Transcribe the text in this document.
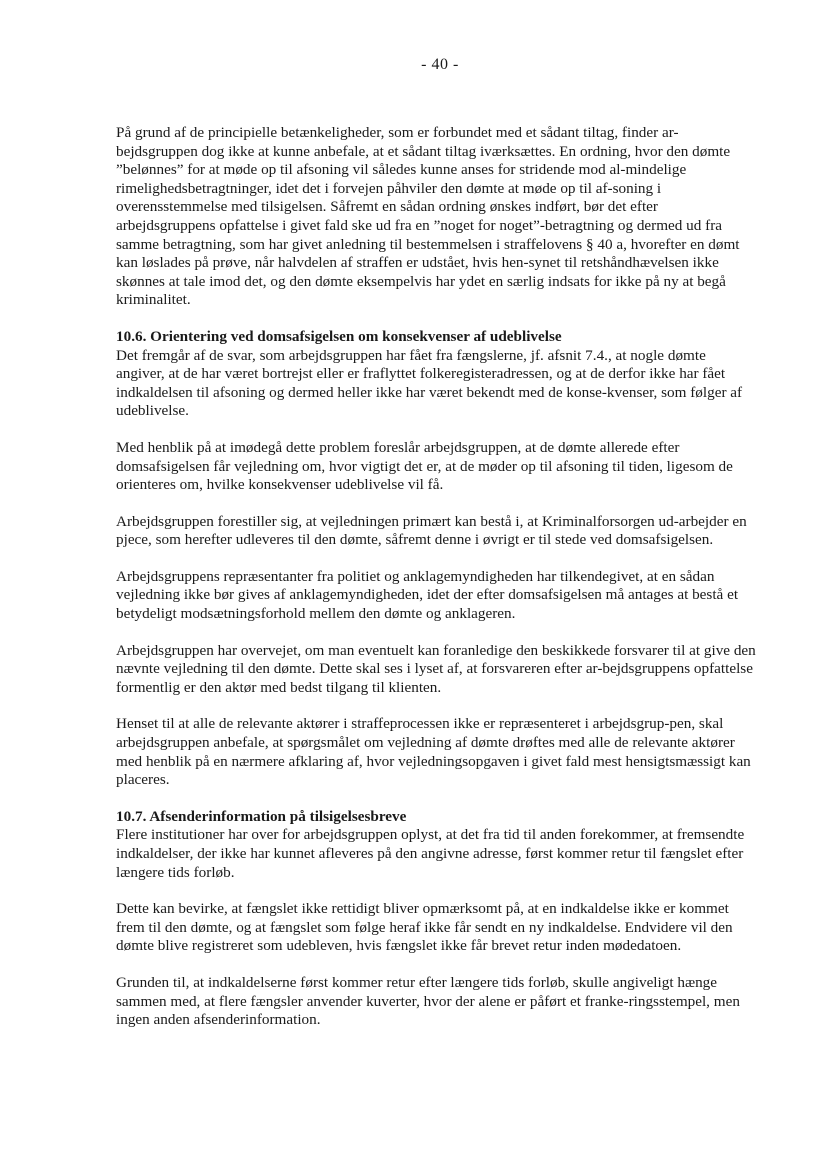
- 40 -

På grund af de principielle betænkeligheder, som er forbundet med et sådant tiltag, finder ar-bejdsgruppen dog ikke at kunne anbefale, at et sådant tiltag iværksættes. En ordning, hvor den dømte ”belønnes” for at møde op til afsoning vil således kunne anses for stridende mod al-mindelige rimelighedsbetragtninger, idet det i forvejen påhviler den dømte at møde op til af-soning i overensstemmelse med tilsigelsen. Såfremt en sådan ordning ønskes indført, bør det efter arbejdsgruppens opfattelse i givet fald ske ud fra en ”noget for noget”-betragtning og dermed ud fra samme betragtning, som har givet anledning til bestemmelsen i straffelovens § 40 a, hvorefter en dømt kan løslades på prøve, når halvdelen af straffen er udstået, hvis hen-synet til retshåndhævelsen ikke skønnes at tale imod det, og den dømte eksempelvis har ydet en særlig indsats for ikke på ny at begå kriminalitet.

10.6. Orientering ved domsafsigelsen om konsekvenser af udeblivelse

Det fremgår af de svar, som arbejdsgruppen har fået fra fængslerne, jf. afsnit 7.4., at nogle dømte angiver, at de har været bortrejst eller er fraflyttet folkeregisteradressen, og at de derfor ikke har fået indkaldelsen til afsoning og dermed heller ikke har været bekendt med de konse-kvenser, som følger af udeblivelse.

Med henblik på at imødegå dette problem foreslår arbejdsgruppen, at de dømte allerede efter domsafsigelsen får vejledning om, hvor vigtigt det er, at de møder op til afsoning til tiden, ligesom de orienteres om, hvilke konsekvenser udeblivelse vil få.

Arbejdsgruppen forestiller sig, at vejledningen primært kan bestå i, at Kriminalforsorgen ud-arbejder en pjece, som herefter udleveres til den dømte, såfremt denne i øvrigt er til stede ved domsafsigelsen.

Arbejdsgruppens repræsentanter fra politiet og anklagemyndigheden har tilkendegivet, at en sådan vejledning ikke bør gives af anklagemyndigheden, idet der efter domsafsigelsen må antages at bestå et betydeligt modsætningsforhold mellem den dømte og anklageren.

Arbejdsgruppen har overvejet, om man eventuelt kan foranledige den beskikkede forsvarer til at give den nævnte vejledning til den dømte. Dette skal ses i lyset af, at forsvareren efter ar-bejdsgruppens opfattelse formentlig er den aktør med bedst tilgang til klienten.

Henset til at alle de relevante aktører i straffeprocessen ikke er repræsenteret i arbejdsgrup-pen, skal arbejdsgruppen anbefale, at spørgsmålet om vejledning af dømte drøftes med alle de relevante aktører med henblik på en nærmere afklaring af, hvor vejledningsopgaven i givet fald mest hensigtsmæssigt kan placeres.

10.7. Afsenderinformation på tilsigelsesbreve

Flere institutioner har over for arbejdsgruppen oplyst, at det fra tid til anden forekommer, at fremsendte indkaldelser, der ikke har kunnet afleveres på den angivne adresse, først kommer retur til fængslet efter længere tids forløb.

Dette kan bevirke, at fængslet ikke rettidigt bliver opmærksomt på, at en indkaldelse ikke er kommet frem til den dømte, og at fængslet som følge heraf ikke får sendt en ny indkaldelse. Endvidere vil den dømte blive registreret som udebleven, hvis fængslet ikke får brevet retur inden mødedatoen.

Grunden til, at indkaldelserne først kommer retur efter længere tids forløb, skulle angiveligt hænge sammen med, at flere fængsler anvender kuverter, hvor der alene er påført et franke-ringsstempel, men ingen anden afsenderinformation.
